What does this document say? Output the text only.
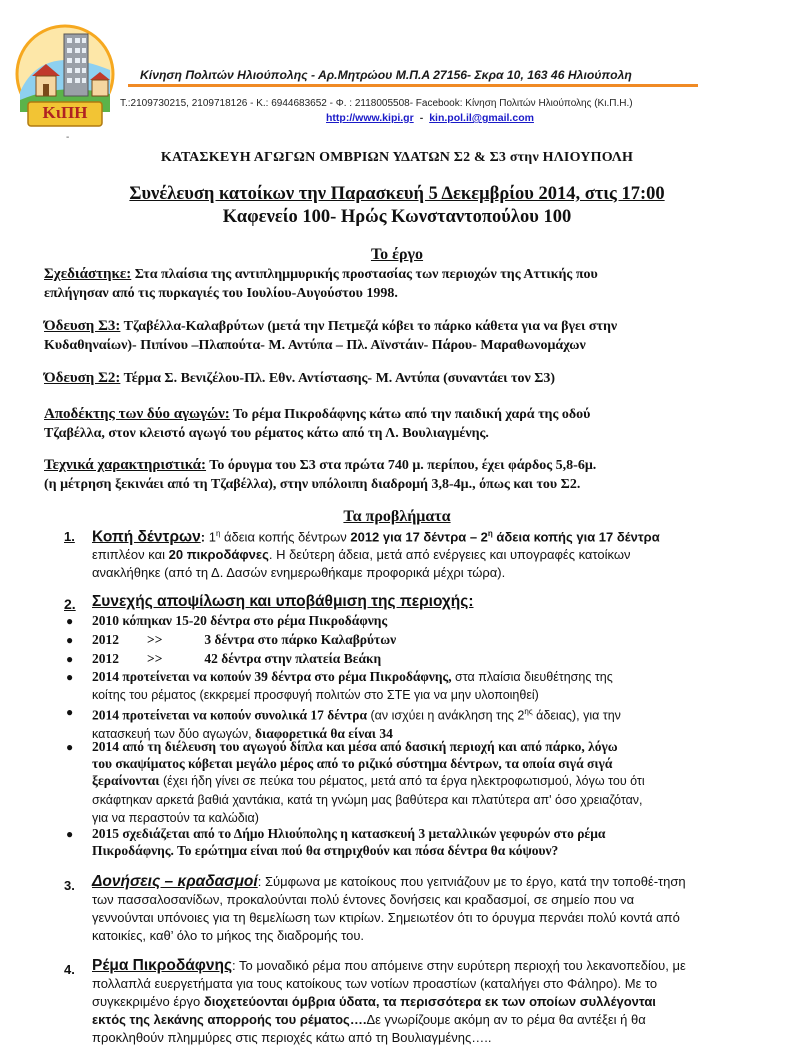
ΚιΠΗ
Κίνηση Πολιτών Ηλιούπολης - Αρ.Μητρώου Μ.Π.Α 27156- Σκρα 10, 163 46 Ηλιούπολη
T.:2109730215, 2109718126 - K.: 6944683652 - Φ. : 2118005508- Facebook: Κίνηση Πολιτών Ηλιούπολης (Κι.Π.Η.)
http://www.kipi.gr - kin.pol.il@gmail.com
-
ΚΑΤΑΣΚΕΥΗ ΑΓΩΓΩΝ ΟΜΒΡΙΩΝ ΥΔΑΤΩΝ Σ2 & Σ3 στην ΗΛΙΟΥΠΟΛΗ
Συνέλευση κατοίκων την Παρασκευή 5 Δεκεμβρίου 2014, στις 17:00
Καφενείο 100- Ηρώς Κωνσταντοπούλου 100
Το έργο
Σχεδιάστηκε: Στα πλαίσια της αντιπλημμυρικής προστασίας των περιοχών της Αττικής που
επλήγησαν από τις πυρκαγιές του Ιουλίου-Αυγούστου 1998.
Όδευση Σ3: Τζαβέλλα-Καλαβρύτων (μετά την Πετμεζά κόβει το πάρκο κάθετα για να βγει στην
Κυδαθηναίων)- Πιπίνου –Πλαπούτα- Μ. Αντύπα – Πλ. Αϊνστάιν- Πάρου- Μαραθωνομάχων
Όδευση Σ2: Τέρμα Σ. Βενιζέλου-Πλ. Εθν. Αντίστασης- Μ. Αντύπα (συναντάει τον Σ3)
Αποδέκτης των δύο αγωγών: Το ρέμα Πικροδάφνης κάτω από την παιδική χαρά της οδού
Τζαβέλλα, στον κλειστό αγωγό του ρέματος κάτω από τη Λ. Βουλιαγμένης.
Τεχνικά χαρακτηριστικά: Το όρυγμα του Σ3 στα πρώτα 740 μ. περίπου, έχει φάρδος 5,8-6μ.
(η μέτρηση ξεκινάει από τη Τζαβέλλα), στην υπόλοιπη διαδρομή 3,8-4μ., όπως και του Σ2.
Τα προβλήματα
1. Κοπή δέντρων: $1^\eta$ άδεια κοπής δέντρων 2012 για 17 δέντρα – $2^\eta$ άδεια κοπής για 17 δέντρα
επιπλέον και 20 πικροδάφνες. Η δεύτερη άδεια, μετά από ενέργειες και υπογραφές κατοίκων
ανακλήθηκε (από τη Δ. Δασών ενημερωθήκαμε προφορικά μέχρι τώρα).
2. Συνεχής αποψίλωση και υποβάθμιση της περιοχής:
● 2010 κόπηκαν 15-20 δέντρα στο ρέμα Πικροδάφνης
● 2012 >>	3 δέντρα στο πάρκο Καλαβρύτων
● 2012 >>	42 δέντρα στην πλατεία Βεάκη
● 2014 προτείνεται να κοπούν 39 δέντρα στο ρέμα Πικροδάφνης, στα πλαίσια διευθέτησης της
κοίτης του ρέματος (εκκρεμεί προσφυγή πολιτών στο ΣΤΕ για να μην υλοποιηθεί)
● 2014 προτείνεται να κοπούν συνολικά 17 δέντρα (αν ισχύει η ανάκληση της $2^{\eta\varsigma}$ άδειας), για την
κατασκευή των δύο αγωγών, διαφορετικά θα είναι 34
● 2014 από τη διέλευση του αγωγού δίπλα και μέσα από δασική περιοχή και από πάρκο, λόγω
του σκαψίματος κόβεται μεγάλο μέρος από το ριζικό σύστημα δέντρων, τα οποία σιγά σιγά
ξεραίνονται (έχει ήδη γίνει σε πεύκα του ρέματος, μετά από τα έργα ηλεκτροφωτισμού, λόγω του ότι
σκάφτηκαν αρκετά βαθιά χαντάκια, κατά τη γνώμη μας βαθύτερα και πλατύτερα απ' όσο χρειαζόταν,
για να περαστούν τα καλώδια)
● 2015 σχεδιάζεται από το Δήμο Ηλιούπολης η κατασκευή 3 μεταλλικών γεφυρών στο ρέμα
Πικροδάφνης. Το ερώτημα είναι πού θα στηριχθούν και πόσα δέντρα θα κόψουν?
3. Δονήσεις – κραδασμοί: Σύμφωνα με κατοίκους που γειτνιάζουν με το έργο, κατά την τοποθέ-τηση
των πασσαλοσανίδων, προκαλούνται πολύ έντονες δονήσεις και κραδασμοί, σε σημείο που να
γεννούνται υπόνοιες για τη θεμελίωση των κτιρίων. Σημειωτέον ότι το όρυγμα περνάει πολύ κοντά από
κατοικίες, καθ’ όλο το μήκος της διαδρομής του.
4. Ρέμα Πικροδάφνης: Το μοναδικό ρέμα που απόμεινε στην ευρύτερη περιοχή του λεκανοπεδίου, με
πολλαπλά ευεργετήματα για τους κατοίκους των νοτίων προαστίων (καταλήγει στο Φάληρο). Με το
συγκεκριμένο έργο διοχετεύονται όμβρια ύδατα, τα περισσότερα εκ των οποίων συλλέγονται
εκτός της λεκάνης απορροής του ρέματος….Δε γνωρίζουμε ακόμη αν το ρέμα θα αντέξει ή θα
προκληθούν πλημμύρες στις περιοχές κάτω από τη Βουλιαγμένης…..
